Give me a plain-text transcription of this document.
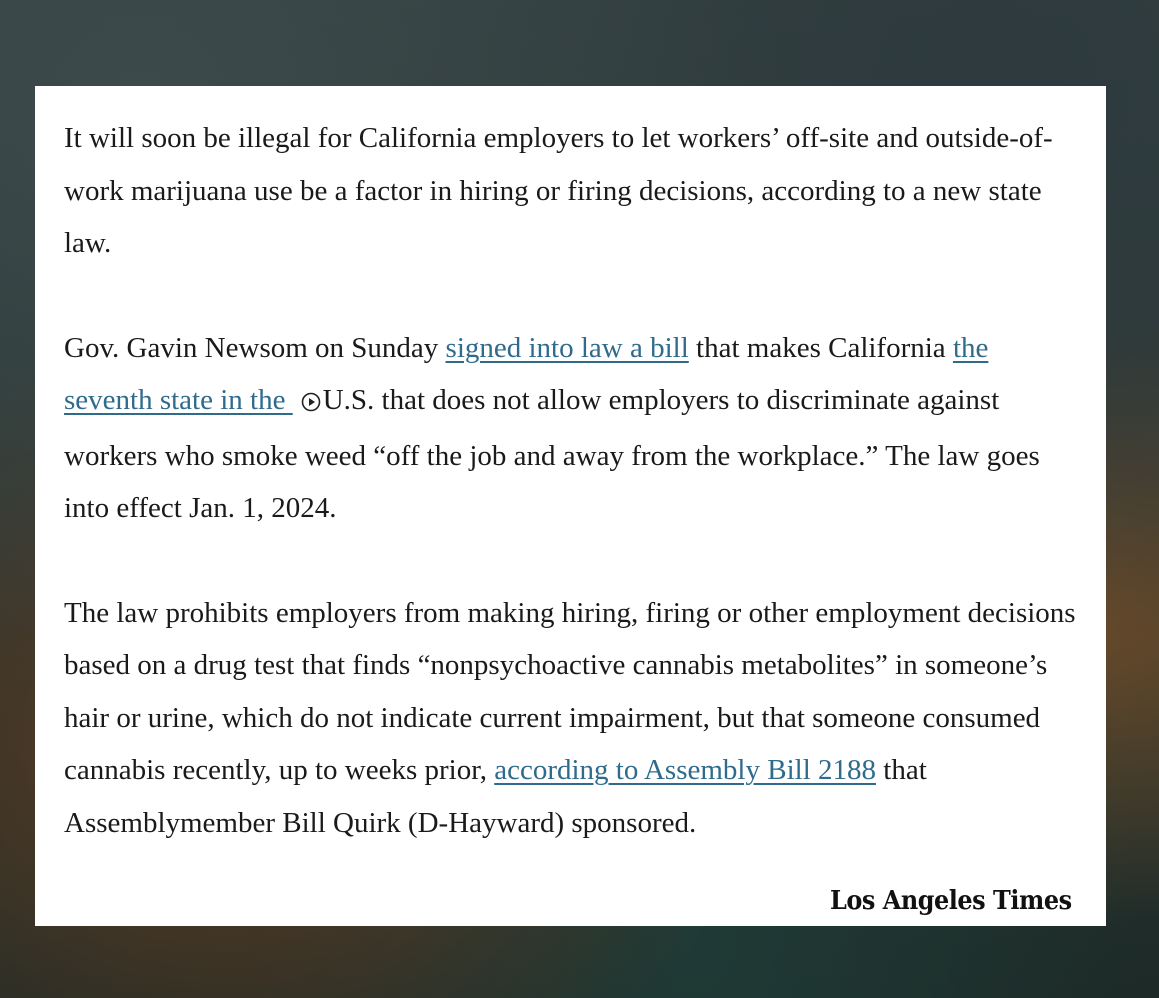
It will soon be illegal for California employers to let workers’ off-site and outside-of-work marijuana use be a factor in hiring or firing decisions, according to a new state law.

Gov. Gavin Newsom on Sunday signed into law a bill that makes California the seventh state in the U.S. that does not allow employers to discriminate against workers who smoke weed “off the job and away from the workplace.” The law goes into effect Jan. 1, 2024.

The law prohibits employers from making hiring, firing or other employment decisions based on a drug test that finds “nonpsychoactive cannabis metabolites” in someone’s hair or urine, which do not indicate current impairment, but that someone consumed cannabis recently, up to weeks prior, according to Assembly Bill 2188 that Assemblymember Bill Quirk (D-Hayward) sponsored.

Los Angeles Times
